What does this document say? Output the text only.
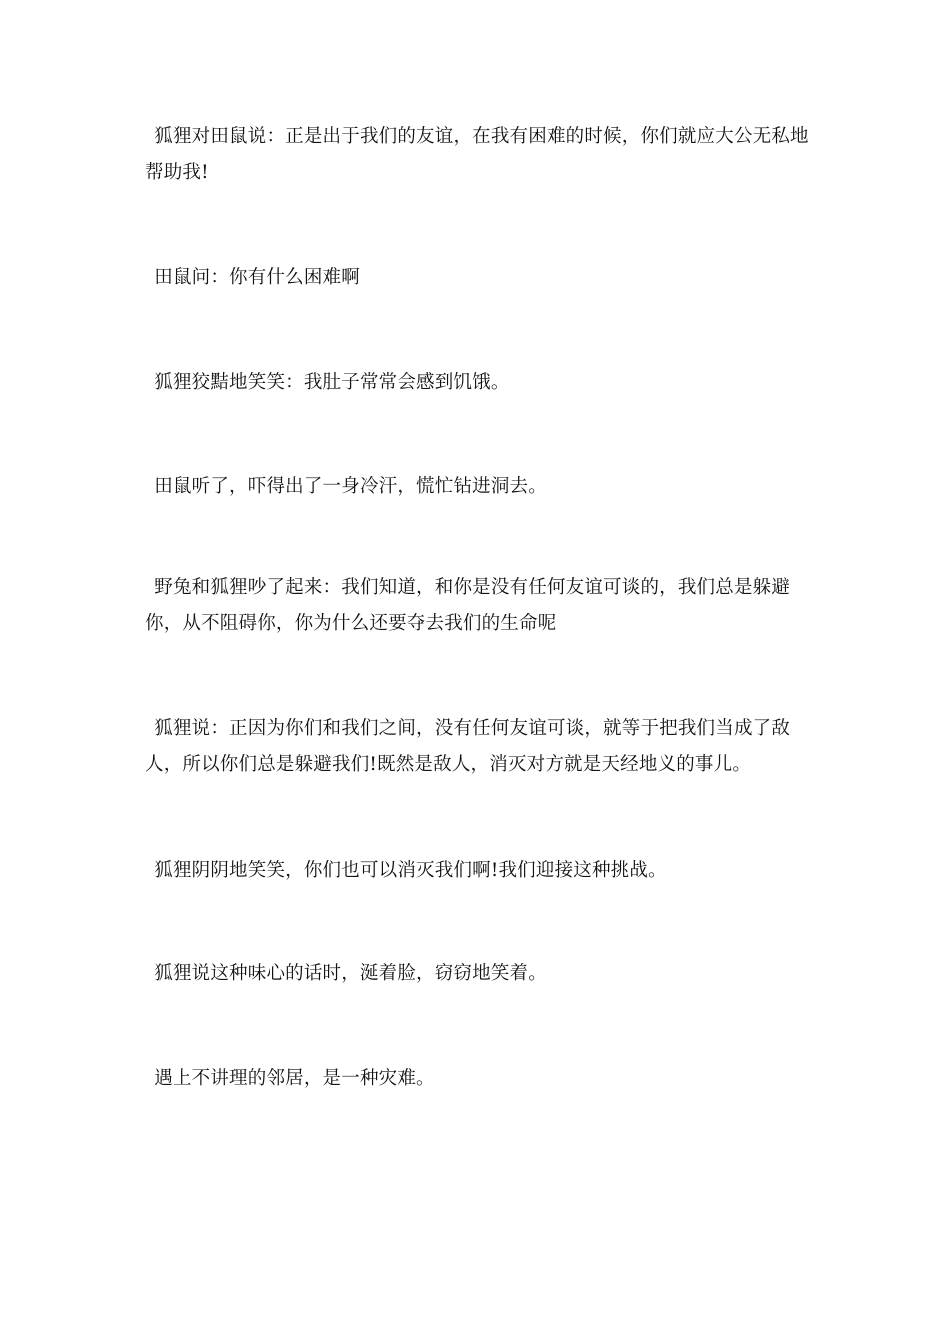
狐狸对田鼠说：正是出于我们的友谊，在我有困难的时候，你们就应大公无私地帮助我!

田鼠问：你有什么困难啊

狐狸狡黠地笑笑：我肚子常常会感到饥饿。

田鼠听了，吓得出了一身冷汗，慌忙钻进洞去。

野兔和狐狸吵了起来：我们知道，和你是没有任何友谊可谈的，我们总是躲避你，从不阻碍你，你为什么还要夺去我们的生命呢

狐狸说：正因为你们和我们之间，没有任何友谊可谈，就等于把我们当成了敌人，所以你们总是躲避我们!既然是敌人，消灭对方就是天经地义的事儿。

狐狸阴阴地笑笑，你们也可以消灭我们啊!我们迎接这种挑战。

狐狸说这种味心的话时，涎着脸，窃窃地笑着。

遇上不讲理的邻居，是一种灾难。
